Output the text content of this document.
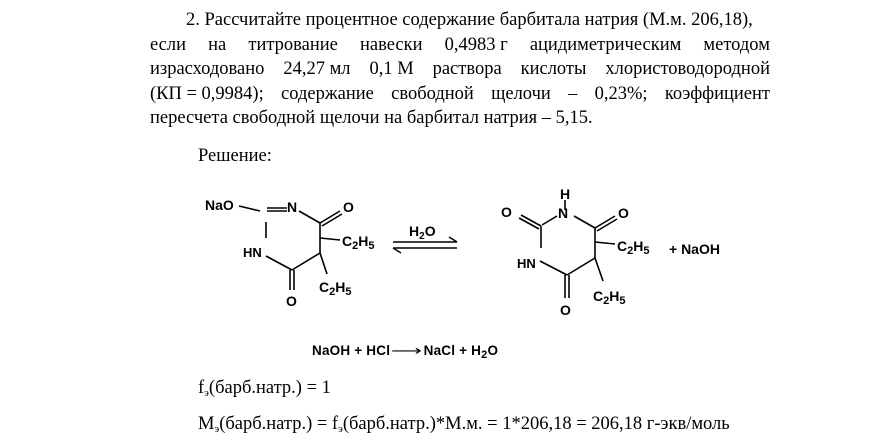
2. Рассчитайте процентное содержание барбитала натрия (М.м. 206,18),
если на титрование навески 0,4983 г ацидиметрическим методом
израсходовано 24,27 мл 0,1 М раствора кислоты хлористоводородной
(КП = 0,9984); содержание свободной щелочи – 0,23%; коэффициент
пересчета свободной щелочи на барбитал натрия – 5,15.
Решение:
NaO	N	O
HN
O
$C_2H_5$
$C_2H_5$
$H_2O$
H
N
O	O
HN
O
$C_2H_5$ + NaOH
$C_2H_5$
NaOH + HCl ⟶ NaCl + $H_2O$
$f_э(барб.натр.) = 1$
$M_э(барб.натр.)$ = $f_э(барб.натр.)*М.м$. = 1*206,18 = 206,18 г-экв/моль
